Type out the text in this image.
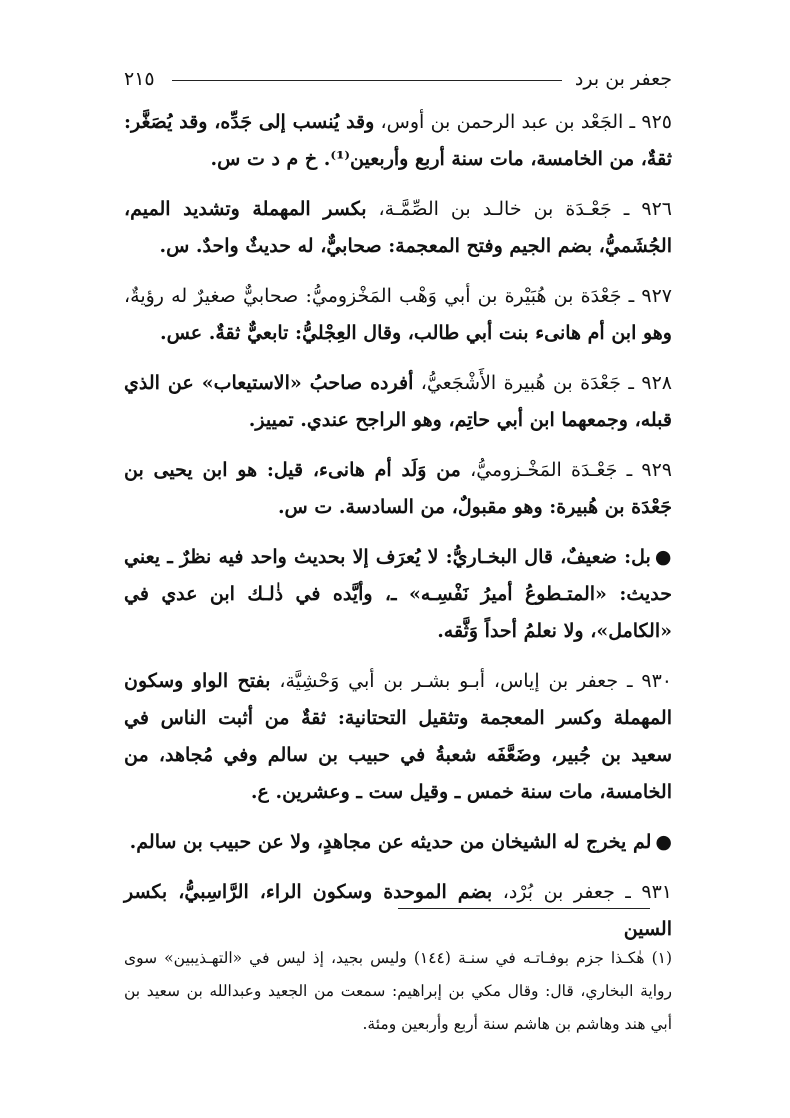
جعفر بن برد
٢١٥

٩٢٥ ـ الجَعْد بن عبد الرحمن بن أوس، وقد يُنسب إلى جَدِّه، وقد يُصَغَّر: ثقةٌ، من الخامسة، مات سنة أربع وأربعين⁽¹⁾. خ م د ت س.

٩٢٦ ـ جَعْـدَة بن خالـد بن الصِّمَّـة، بكسر المهملة وتشديد الميم، الجُشَميُّ، بضم الجيم وفتح المعجمة: صحابيٌّ، له حديثٌ واحدٌ. س.

٩٢٧ ـ جَعْدَة بن هُبَيْرة بن أبي وَهْب المَخْزوميُّ: صحابيٌّ صغيرٌ له رؤيةٌ، وهو ابن أم هانىء بنت أبي طالب، وقال العِجْليُّ: تابعيٌّ ثقةٌ. عس.

٩٢٨ ـ جَعْدَة بن هُبيرة الأَشْجَعيُّ، أفرده صاحبُ «الاستيعاب» عن الذي قبله، وجمعهما ابن أبي حاتِم، وهو الراجح عندي. تمييز.

٩٢٩ ـ جَعْـدَة المَخْـزوميُّ، من وَلَد أم هانىء، قيل: هو ابن يحيى بن جَعْدَة بن هُبيرة: وهو مقبولٌ، من السادسة. ت س.

●بل: ضعيفٌ، قال البخـاريُّ: لا يُعرَف إلا بحديث واحد فيه نظرٌ ـ يعني حديث: «المتـطوعُ أميرُ نَفْسِـه» ـ، وأيَّده في ذٰلـك ابن عدي في «الكامل»، ولا نعلمُ أحداً وَثَّقه.

٩٣٠ ـ جعفر بن إياس، أبـو بشـر بن أبي وَحْشِيَّة، بفتح الواو وسكون المهملة وكسر المعجمة وتثقيل التحتانية: ثقةٌ من أثبت الناس في سعيد بن جُبير، وضَعَّفَه شعبةُ في حبيب بن سالم وفي مُجاهد، من الخامسة، مات سنة خمس ـ وقيل ست ـ وعشرين. ع.

●لم يخرج له الشيخان من حديثه عن مجاهدٍ، ولا عن حبيب بن سالم.

٩٣١ ـ جعفر بن بُرْد، بضم الموحدة وسكون الراء، الرَّاسِبيُّ، بكسر السين

(١) هٰكـذا جزم بوفـاتـه في سنـة (١٤٤) وليس بجيد، إذ ليس في «التهـذيبين» سوى رواية البخاري، قال: وقال مكي بن إبراهيم: سمعت من الجعيد وعبدالله بن سعيد بن أبي هند وهاشم بن هاشم سنة أربع وأربعين ومئة.
